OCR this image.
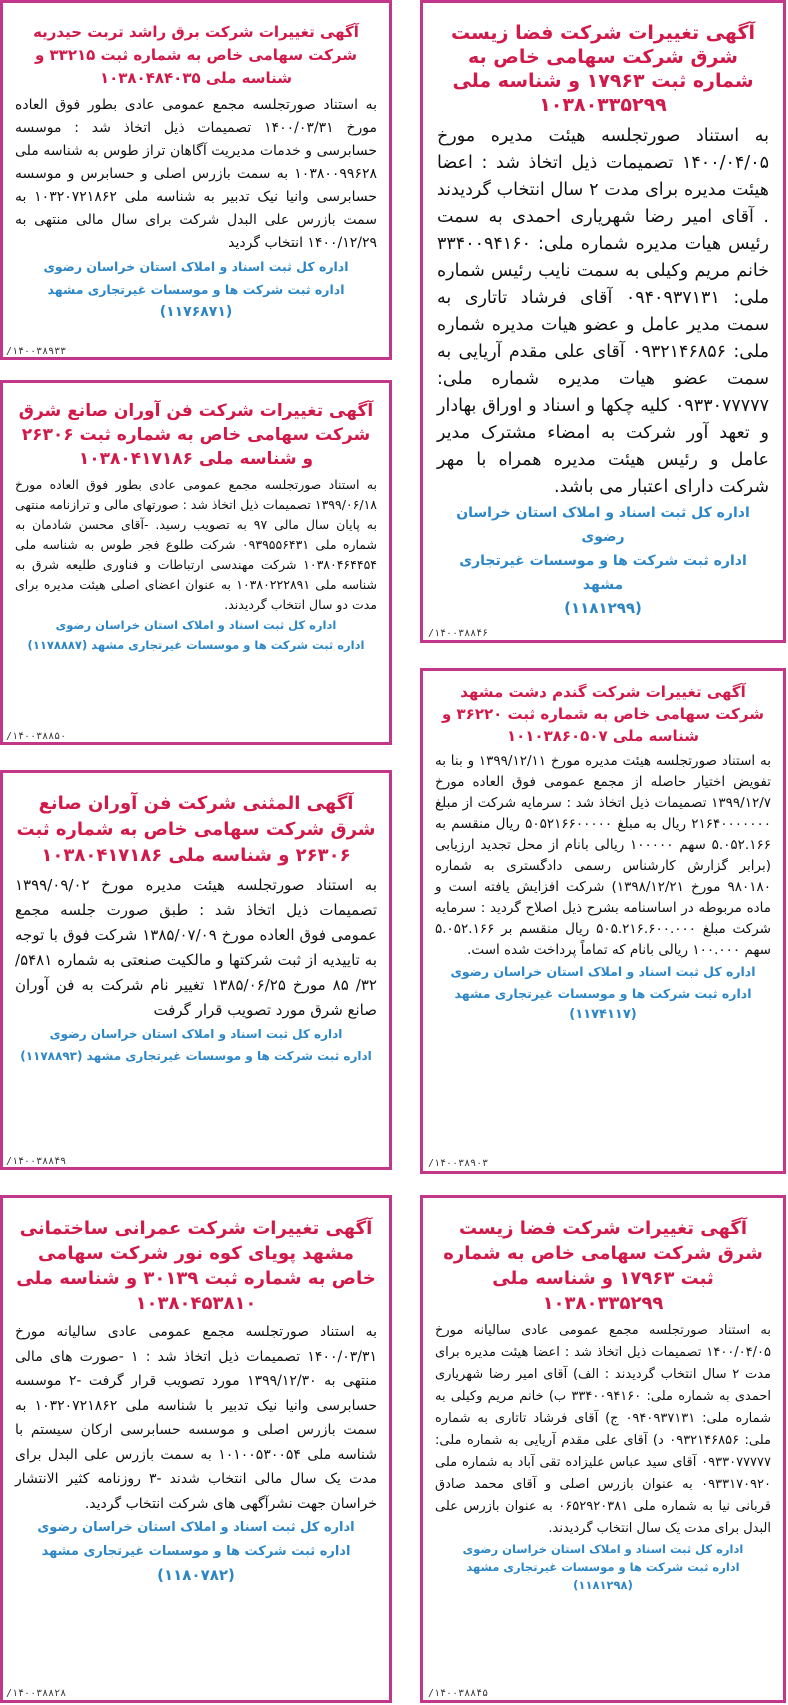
آگهی تغییرات شرکت فضا زیست شرق شرکت سهامی خاص به شماره ثبت ۱۷۹۶۳ و شناسه ملی ۱۰۳۸۰۳۳۵۲۹۹
به استناد صورتجلسه هیئت مدیره مورخ ۱۴۰۰/۰۴/۰۵ تصمیمات ذیل اتخاذ شد : اعضا هیئت مدیره برای مدت ۲ سال انتخاب گردیدند . آقای امیر رضا شهریاری احمدی به سمت رئیس هیات مدیره شماره ملی: ۳۳۴۰۰۹۴۱۶۰ خانم مریم وکیلی به سمت نایب رئیس شماره ملی: ۰۹۴۰۹۳۷۱۳۱ آقای فرشاد تاتاری به سمت مدیر عامل و عضو هیات مدیره شماره ملی: ۰۹۳۲۱۴۶۸۵۶ آقای علی مقدم آریایی به سمت عضو هیات مدیره شماره ملی: ۰۹۳۳۰۷۷۷۷۷ کلیه چکها و اسناد و اوراق بهادار و تعهد آور شرکت به امضاء مشترک مدیر عامل و رئیس هیئت مدیره همراه با مهر شرکت دارای اعتبار می باشد.
اداره کل ثبت اسناد و املاک استان خراسان رضوی
اداره ثبت شرکت ها و موسسات غیرتجاری مشهد
(۱۱۸۱۲۹۹)
/۱۴۰۰۳۸۸۴۶
آگهی تغییرات شرکت گندم دشت مشهد شرکت سهامی خاص به شماره ثبت ۳۶۲۲۰ و شناسه ملی ۱۰۱۰۳۸۶۰۵۰۷
به استناد صورتجلسه هیئت مدیره مورخ ۱۳۹۹/۱۲/۱۱ و بنا به تفویض اختیار حاصله از مجمع عمومی فوق العاده مورخ ۱۳۹۹/۱۲/۷ تصمیمات ذیل اتخاذ شد : سرمایه شرکت از مبلغ ۲۱۶۴۰۰۰۰۰۰۰ ریال به مبلغ ۵۰۵۲۱۶۶۰۰۰۰۰ ریال منقسم به ۵.۰۵۲.۱۶۶ سهم ۱۰۰۰۰۰ ریالی بانام از محل تجدید ارزیابی (برابر گزارش کارشناس رسمی دادگستری به شماره ۹۸۰۱۸۰ مورخ ۱۳۹۸/۱۲/۲۱) شرکت افزایش یافته است و ماده مربوطه در اساسنامه بشرح ذیل اصلاح گردید : سرمایه شرکت مبلغ ۵۰۵.۲۱۶.۶۰۰.۰۰۰ ریال منقسم بر ۵.۰۵۲.۱۶۶ سهم ۱۰۰.۰۰۰ ریالی بانام که تماماً پرداخت شده است.
اداره کل ثبت اسناد و املاک استان خراسان رضوی
اداره ثبت شرکت ها و موسسات غیرتجاری مشهد
(۱۱۷۴۱۱۷)
/۱۴۰۰۳۸۹۰۳
آگهی تغییرات شرکت فضا زیست شرق شرکت سهامی خاص به شماره ثبت ۱۷۹۶۳ و شناسه ملی ۱۰۳۸۰۳۳۵۲۹۹
به استناد صورتجلسه مجمع عمومی عادی سالیانه مورخ ۱۴۰۰/۰۴/۰۵ تصمیمات ذیل اتخاذ شد : اعضا هیئت مدیره برای مدت ۲ سال انتخاب گردیدند : الف) آقای امیر رضا شهریاری احمدی به شماره ملی: ۳۳۴۰۰۹۴۱۶۰ ب) خانم مریم وکیلی به شماره ملی: ۰۹۴۰۹۳۷۱۳۱ ج) آقای فرشاد تاتاری به شماره ملی: ۰۹۳۲۱۴۶۸۵۶ د) آقای علی مقدم آریایی به شماره ملی: ۰۹۳۳۰۷۷۷۷۷ آقای سید عباس علیزاده تقی آباد به شماره ملی ۰۹۳۳۱۷۰۹۲۰ به عنوان بازرس اصلی و آقای محمد صادق قربانی نیا به شماره ملی ۰۶۵۲۹۲۰۳۸۱ به عنوان بازرس علی البدل برای مدت یک سال انتخاب گردیدند.
اداره کل ثبت اسناد و املاک استان خراسان رضوی
اداره ثبت شرکت ها و موسسات غیرتجاری مشهد (۱۱۸۱۲۹۸)
/۱۴۰۰۳۸۸۴۵
آگهی تغییرات شرکت برق راشد تربت حیدریه شرکت سهامی خاص به شماره ثبت ۳۳۲۱۵ و شناسه ملی ۱۰۳۸۰۴۸۴۰۳۵
به استناد صورتجلسه مجمع عمومی عادی بطور فوق العاده مورخ ۱۴۰۰/۰۳/۳۱ تصمیمات ذیل اتخاذ شد : موسسه حسابرسی و خدمات مدیریت آگاهان تراز طوس به شناسه ملی ۱۰۳۸۰۰۹۹۶۲۸ به سمت بازرس اصلی و حسابرس و موسسه حسابرسی وانیا نیک تدبیر به شناسه ملی ۱۰۳۲۰۷۲۱۸۶۲ به سمت بازرس علی البدل شرکت برای سال مالی منتهی به ۱۴۰۰/۱۲/۲۹ انتخاب گردید
اداره کل ثبت اسناد و املاک استان خراسان رضوی
اداره ثبت شرکت ها و موسسات غیرتجاری مشهد
(۱۱۷۶۸۷۱)
/۱۴۰۰۳۸۹۳۳
آگهی تغییرات شرکت فن آوران صانع شرق شرکت سهامی خاص به شماره ثبت ۲۶۳۰۶ و شناسه ملی ۱۰۳۸۰۴۱۷۱۸۶
به استناد صورتجلسه مجمع عمومی عادی بطور فوق العاده مورخ ۱۳۹۹/۰۶/۱۸ تصمیمات ذیل اتخاذ شد : صورتهای مالی و ترازنامه منتهی به پایان سال مالی ۹۷ به تصویب رسید. -آقای محسن شادمان به شماره ملی ۰۹۳۹۵۵۶۴۳۱ شرکت طلوع فجر طوس به شناسه ملی ۱۰۳۸۰۴۶۴۴۵۴ شرکت مهندسی ارتباطات و فناوری طلیعه شرق به شناسه ملی ۱۰۳۸۰۲۲۲۸۹۱ به عنوان اعضای اصلی هیئت مدیره برای مدت دو سال انتخاب گردیدند.
اداره کل ثبت اسناد و املاک استان خراسان رضوی
اداره ثبت شرکت ها و موسسات غیرتجاری مشهد (۱۱۷۸۸۸۷)
/۱۴۰۰۳۸۸۵۰
آگهی المثنی شرکت فن آوران صانع شرق شرکت سهامی خاص به شماره ثبت ۲۶۳۰۶ و شناسه ملی ۱۰۳۸۰۴۱۷۱۸۶
به استناد صورتجلسه هیئت مدیره مورخ ۱۳۹۹/۰۹/۰۲ تصمیمات ذیل اتخاذ شد : طبق صورت جلسه مجمع عمومی فوق العاده مورخ ۱۳۸۵/۰۷/۰۹ شرکت فوق با توجه به تاییدیه از ثبت شرکتها و مالکیت صنعتی به شماره ۵۴۸۱/ ۳۲/ ۸۵ مورخ ۱۳۸۵/۰۶/۲۵ تغییر نام شرکت به فن آوران صانع شرق مورد تصویب قرار گرفت
اداره کل ثبت اسناد و املاک استان خراسان رضوی
اداره ثبت شرکت ها و موسسات غیرتجاری مشهد (۱۱۷۸۸۹۳)
/۱۴۰۰۳۸۸۴۹
آگهی تغییرات شرکت عمرانی ساختمانی مشهد پویای کوه نور شرکت سهامی خاص به شماره ثبت ۳۰۱۳۹ و شناسه ملی ۱۰۳۸۰۴۵۳۸۱۰
به استناد صورتجلسه مجمع عمومی عادی سالیانه مورخ ۱۴۰۰/۰۳/۳۱ تصمیمات ذیل اتخاذ شد : ۱ -صورت های مالی منتهی به ۱۳۹۹/۱۲/۳۰ مورد تصویب قرار گرفت -۲ موسسه حسابرسی وانیا نیک تدبیر با شناسه ملی ۱۰۳۲۰۷۲۱۸۶۲ به سمت بازرس اصلی و موسسه حسابرسی ارکان سیستم با شناسه ملی ۱۰۱۰۰۵۳۰۰۵۴ به سمت بازرس علی البدل برای مدت یک سال مالی انتخاب شدند -۳ روزنامه کثیر الانتشار خراسان جهت نشرآگهی های شرکت انتخاب گردید.
اداره کل ثبت اسناد و املاک استان خراسان رضوی
اداره ثبت شرکت ها و موسسات غیرتجاری مشهد
(۱۱۸۰۷۸۲)
/۱۴۰۰۳۸۸۲۸
